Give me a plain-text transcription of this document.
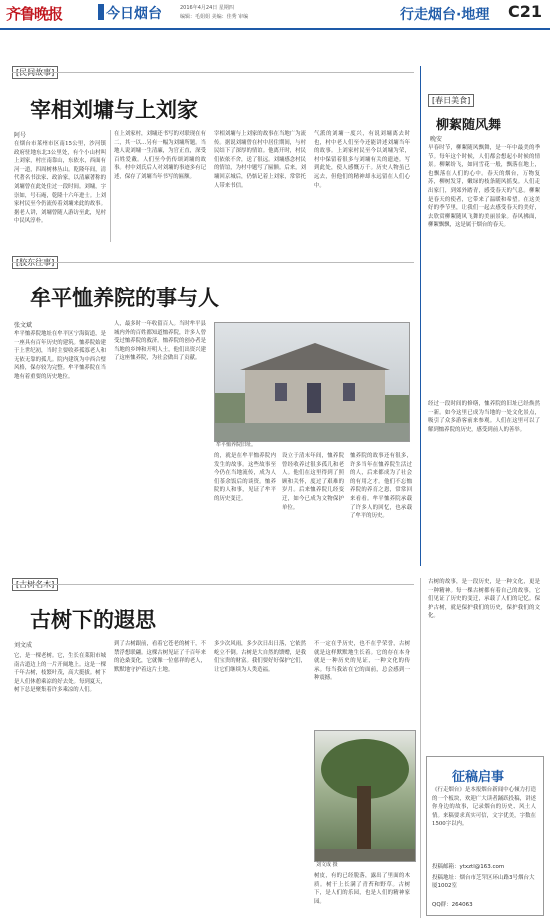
齐鲁晚报	今日烟台	2016年4月24日 星期四
编辑：毛姐姐 美编：佳秀 审编	行走烟台·地理 C21
宰相刘墉与上刘家
阿号
在烟台市莱州市区南15公里，沙河镇政府驻地东北3公里处，有个小山村叫上刘家，村庄南靠山，东依水，西面有河一道，四周树林丛山。乾隆年间，清代著名书法家、政治家，以清廉著称的刘墉曾在此处住过一段时间。刘墉，字崇如，号石庵，乾隆十六年进士。上刘家村民至今仍流传着刘墉来此的故事。据老人讲，刘墉曾随人游访至此，见村中民风淳朴。
在上刘家村，刘墉还书写的对联现在有二，其一以…另有一幅为刘墉所题。当地人说刘墉一生清廉，为官正直，深受百姓爱戴。人们至今仍传颂刘墉的故事。村中刘氏后人对刘墉的事迹多有记述，保存了刘墉当年书写的匾额。
宰相刘墉与上刘家的故事在当地广为流传。据说刘墉曾在村中居住期间，与村民结下了深厚的情谊。他离开时，村民们依依不舍，送了很远。刘墉感念村民的情谊，为村中题写了匾额。后来，刘墉回京城后，仍惦记着上刘家，常常托人带来书信。
气派的刘墉一度兴，有说刘墉离去时也，村中老人们至今还能讲述刘墉当年的故事。上刘家村民至今以刘墉为荣，村中保留着很多与刘墉有关的遗迹。写到此处，使人感慨万千。历史人物虽已远去，但他们的精神却永远留在人们心中。
[春日美食]
柳絮随风舞
晚安
早春时节，柳絮随风飘舞，是一年中最美的季节。每年这个时候，人们都会想起小时候的情景。柳絮纷飞，如同雪花一般，飘落在地上，也飘落在人们的心中。春天的烟台，万物复苏，柳树发芽，嫩绿的枝条随风摇曳。人们走出家门，到郊外踏青，感受春天的气息。柳絮是春天的使者，它带来了温暖和希望。在这美好的季节里，让我们一起去感受春天的美好，去欣赏柳絮随风飞舞的美丽景象。春风拂面，柳絮飘飘，这是属于烟台的春天。
牟平恤养院的事与人
张文斌
牟平恤养院地址在牟平区宁海街道，是一座具有百年历史的建筑。恤养院始建于上世纪初，当时主要收养孤寡老人和无依无靠的孤儿。院内建筑为中西合璧风格，保存较为完整。牟平恤养院在当地有着重要的历史地位。
人，最多时一年收留百人。当时牟平县城内外的百姓都知道恤养院，许多人曾受过恤养院的救济。恤养院的创办者是当地的乡绅和开明人士，他们出资兴建了这座恤养院，为社会做出了贡献。
牟平恤养院旧址。
的，就是在牟平恤养院内发生的故事。这些故事至今仍在当地流传，成为人们茶余饭后的谈资。恤养院的人和事，见证了牟平的历史变迁。
设立于清末年间，恤养院曾经收养过很多孤儿和老人。他们在这里得到了照顾和关怀，度过了艰难的岁月。后来恤养院几经变迁，如今已成为文物保护单位。
恤养院的故事还有很多，许多当年在恤养院生活过的人，后来都成为了社会的有用之才。他们不忘恤养院的养育之恩，常常回来看看。牟平恤养院承载了许多人的回忆，也承载了牟平的历史。
经过一段时间的修缮，恤养院的旧址已经焕然一新。如今这里已成为当地的一处文化景点，吸引了众多游客前来参观。人们在这里可以了解到恤养院的历史，感受到前人的善举。
古树下的遐思
刘文成
它，是一棵老树。它，生长在莱阳市城南古道边上的一片开阔地上。这是一棵千年古树，枝繁叶茂，高大挺拔。树下是人们休憩乘凉的好去处。每到夏天，树下总是聚集着许多乘凉的人们。
到了古树跟前，看着它苍老的树干，不禁浮想联翩。这棵古树见证了千百年来的沧桑变化，它就像一位慈祥的老人，默默地守护着这片土地。
多少次风雨，多少次日出日落，它依然屹立不倒。古树是大自然的馈赠，是我们宝贵的财富。我们要好好保护它们，让它们继续为人类造福。
不一定在乎历史，也不在乎荣誉，古树就是这样默默地生长着。它的存在本身就是一种历史的见证，一种文化的传承。每当我站在它的面前，总会感到一种震撼。
刘文成 摄
树皮，有的已经脱落，露出了里面的木质。树干上长满了青苔和野草。古树下，是人们的乐园，也是人们的精神家园。
古树的故事，是一段历史，是一种文化，更是一种精神。每一棵古树都有着自己的故事，它们见证了历史的变迁，承载了人们的记忆。保护古树，就是保护我们的历史，保护我们的文化。
征稿启事
《行走烟台》是本报烟台新闻中心倾力打造的一个板块，欢迎广大读者踊跃投稿，讲述你身边的故事，记录烟台的历史、风土人情。来稿要求真实可信，文字优美，字数在1500字以内。
投稿邮箱：ytxztl@163.com
投稿地址：烟台市芝罘区环山路3号烟台大厦1002室
QQ群：264063
